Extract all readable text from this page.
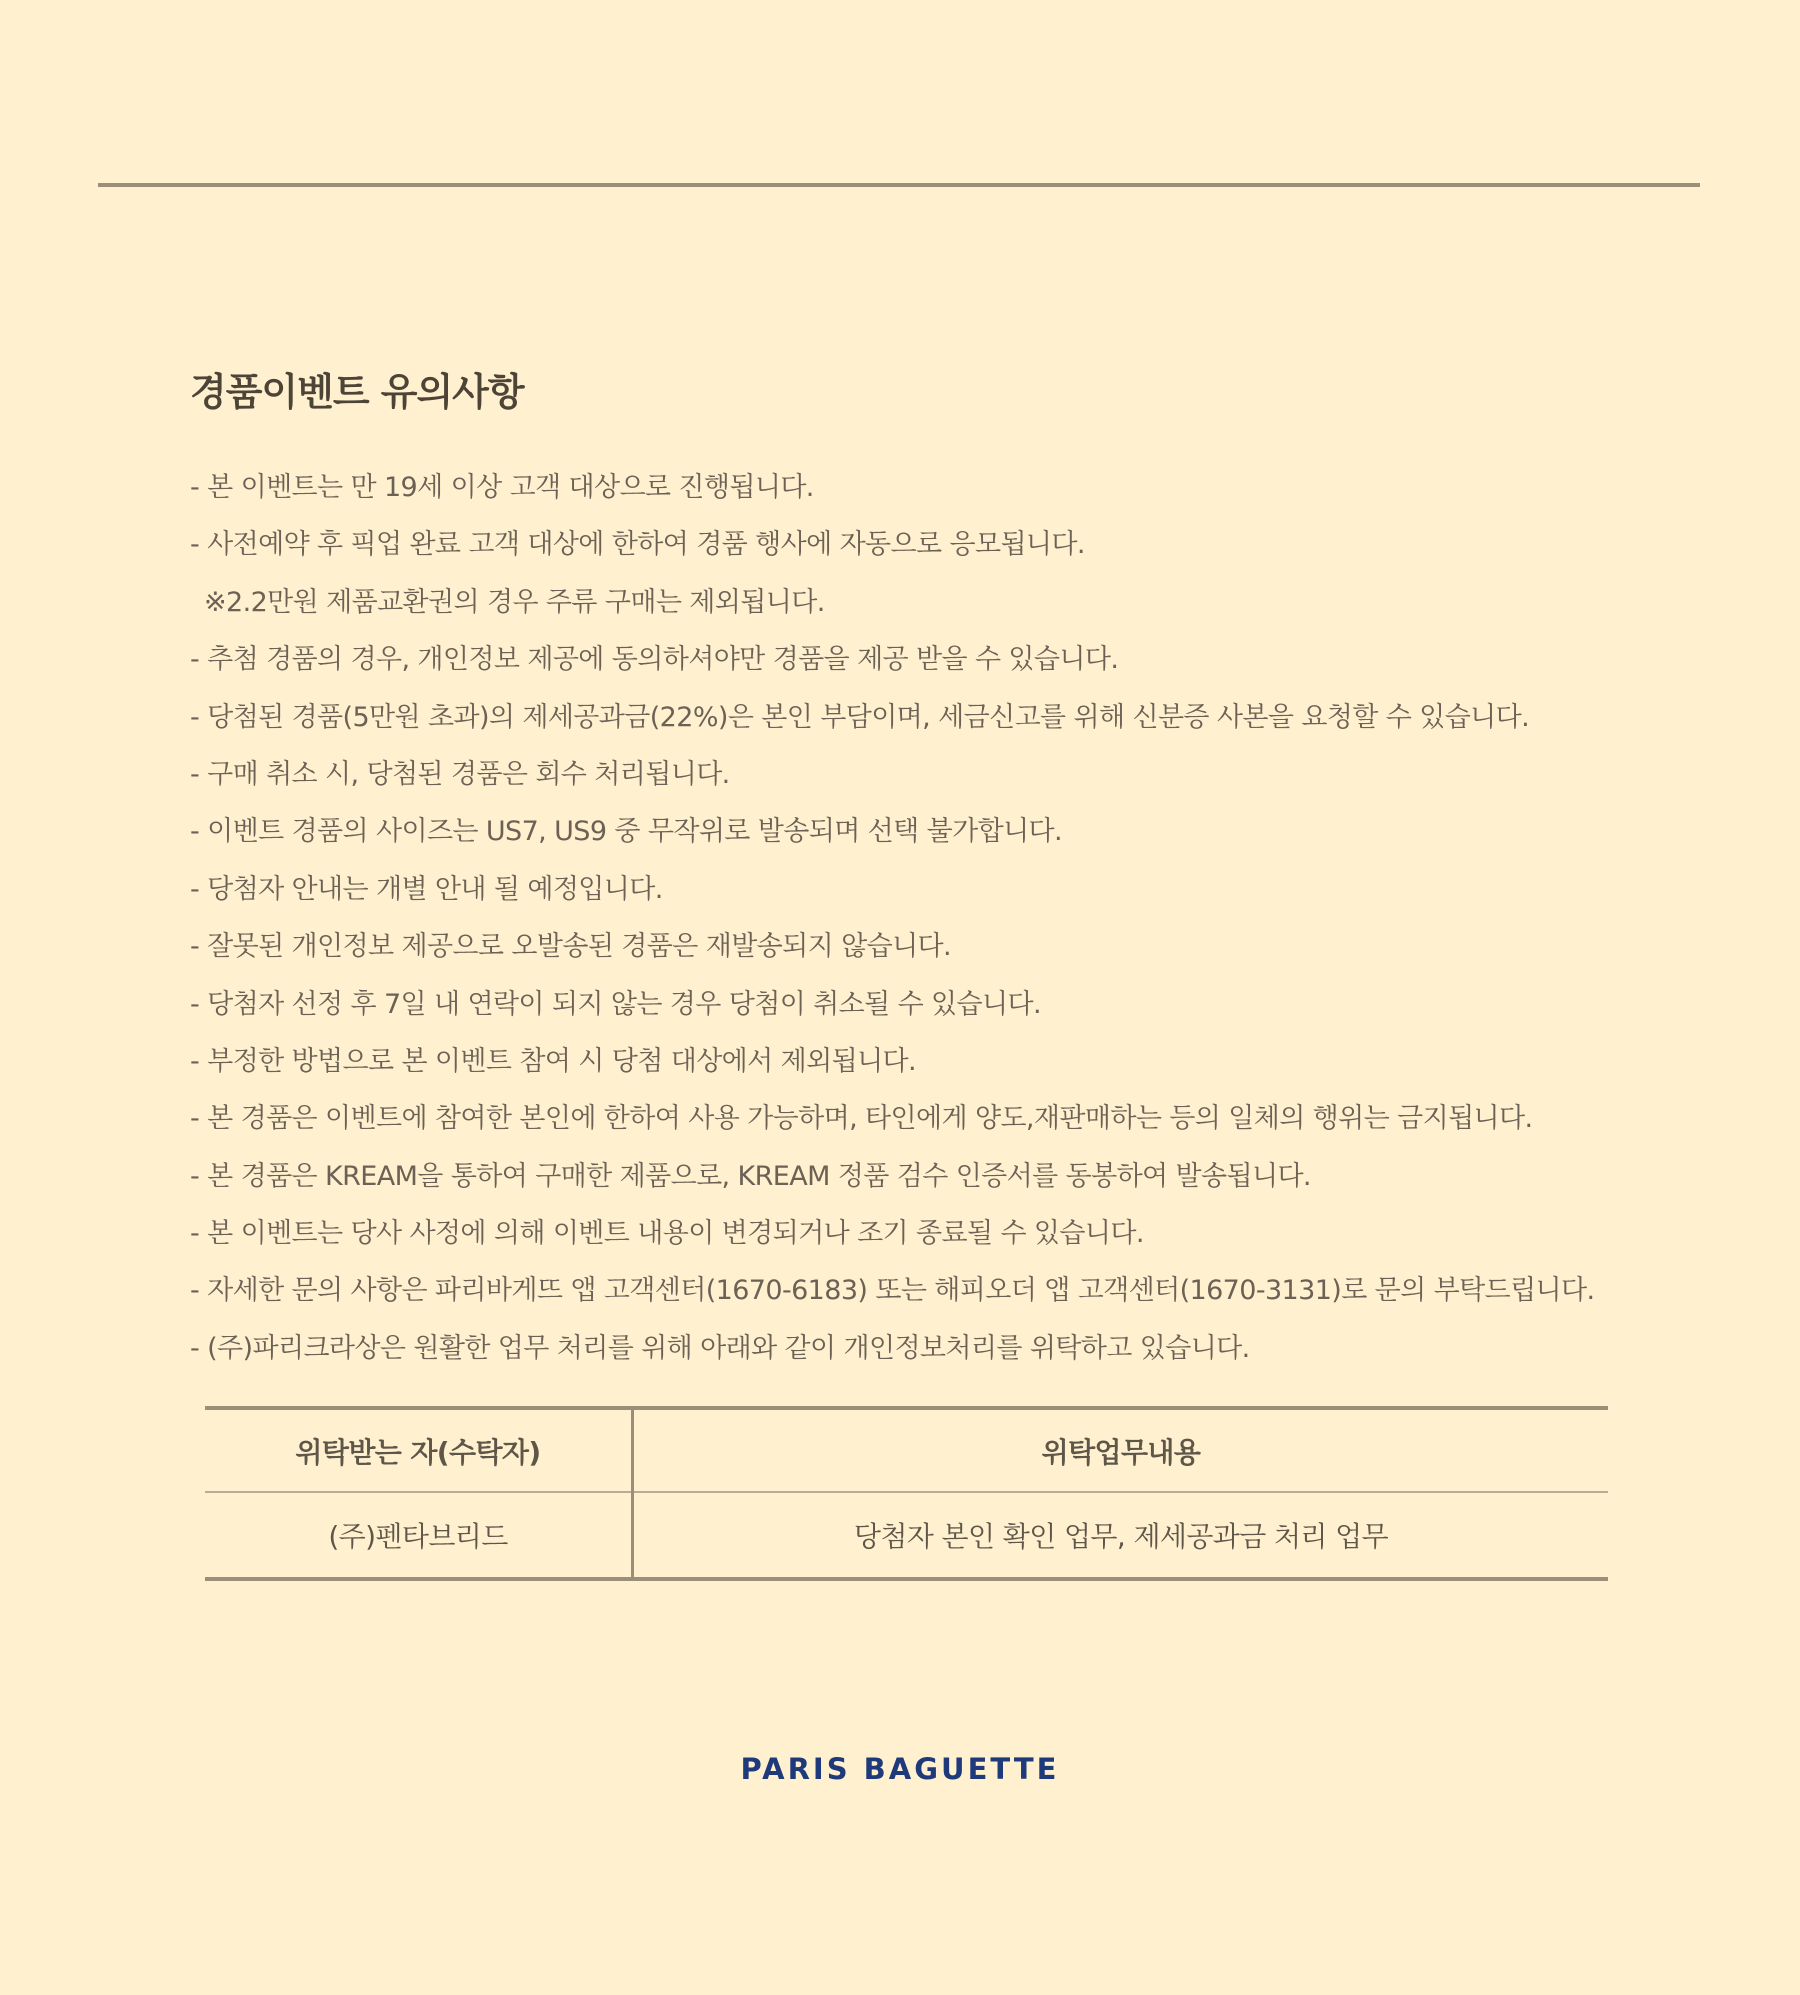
경품이벤트 유의사항
- 본 이벤트는 만 19세 이상 고객 대상으로 진행됩니다.
- 사전예약 후 픽업 완료 고객 대상에 한하여 경품 행사에 자동으로 응모됩니다.
※2.2만원 제품교환권의 경우 주류 구매는 제외됩니다.
- 추첨 경품의 경우, 개인정보 제공에 동의하셔야만 경품을 제공 받을 수 있습니다.
- 당첨된 경품(5만원 초과)의 제세공과금(22%)은 본인 부담이며, 세금신고를 위해 신분증 사본을 요청할 수 있습니다.
- 구매 취소 시, 당첨된 경품은 회수 처리됩니다.
- 이벤트 경품의 사이즈는 US7, US9 중 무작위로 발송되며 선택 불가합니다.
- 당첨자 안내는 개별 안내 될 예정입니다.
- 잘못된 개인정보 제공으로 오발송된 경품은 재발송되지 않습니다.
- 당첨자 선정 후 7일 내 연락이 되지 않는 경우 당첨이 취소될 수 있습니다.
- 부정한 방법으로 본 이벤트 참여 시 당첨 대상에서 제외됩니다.
- 본 경품은 이벤트에 참여한 본인에 한하여 사용 가능하며, 타인에게 양도,재판매하는 등의 일체의 행위는 금지됩니다.
- 본 경품은 KREAM을 통하여 구매한 제품으로, KREAM 정품 검수 인증서를 동봉하여 발송됩니다.
- 본 이벤트는 당사 사정에 의해 이벤트 내용이 변경되거나 조기 종료될 수 있습니다.
- 자세한 문의 사항은 파리바게뜨 앱 고객센터(1670-6183) 또는 해피오더 앱 고객센터(1670-3131)로 문의 부탁드립니다.
- (주)파리크라상은 원활한 업무 처리를 위해 아래와 같이 개인정보처리를 위탁하고 있습니다.
위탁받는 자(수탁자)	위탁업무내용
(주)펜타브리드	당첨자 본인 확인 업무, 제세공과금 처리 업무
PARIS BAGUETTE
